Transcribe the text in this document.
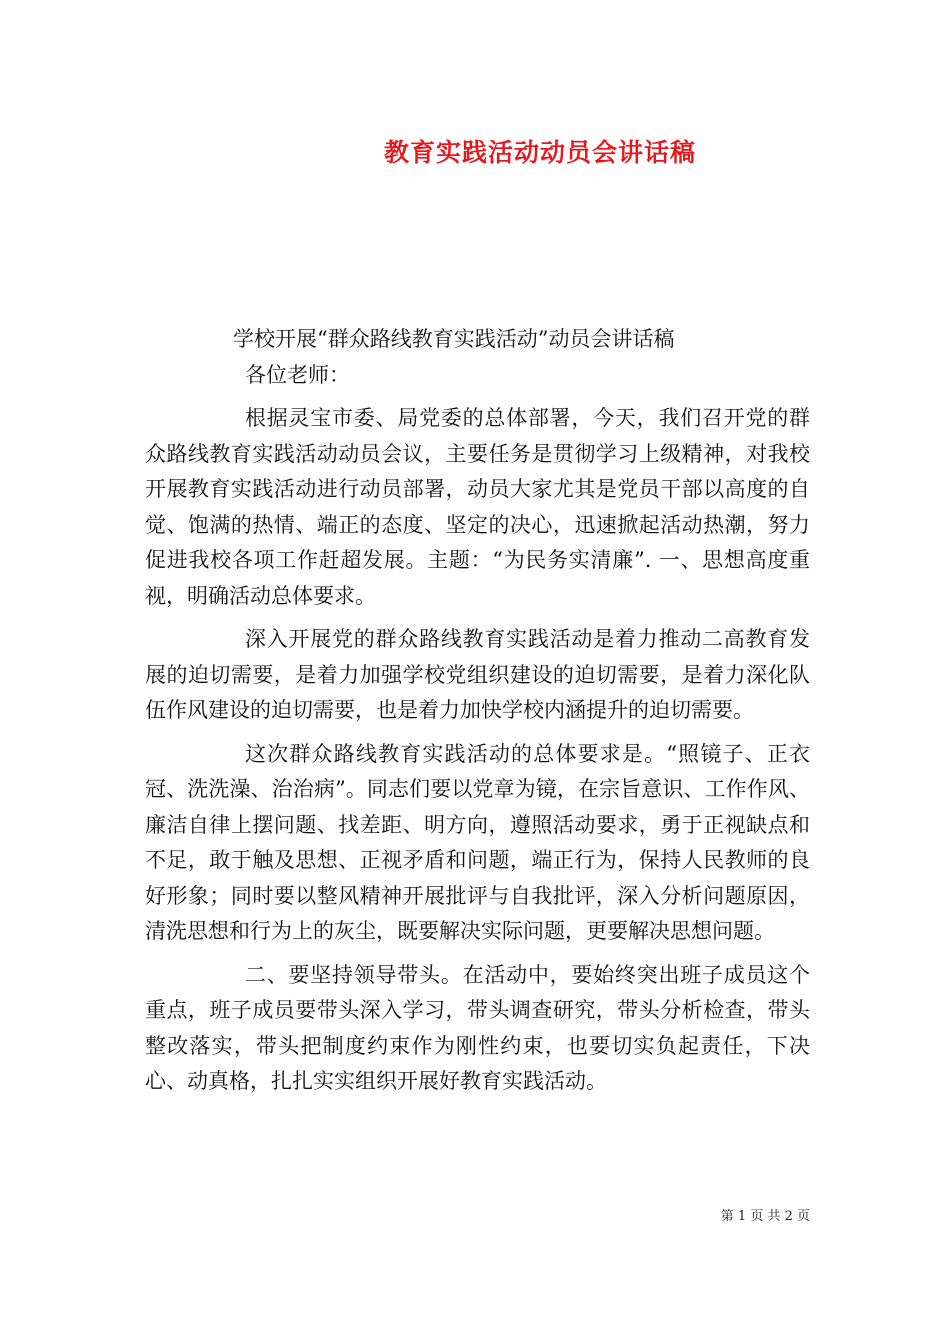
教育实践活动动员会讲话稿

学校开展“群众路线教育实践活动”动员会讲话稿

各位老师：

根据灵宝市委、局党委的总体部署，今天，我们召开党的群众路线教育实践活动动员会议，主要任务是贯彻学习上级精神，对我校开展教育实践活动进行动员部署，动员大家尤其是党员干部以高度的自觉、饱满的热情、端正的态度、坚定的决心，迅速掀起活动热潮，努力促进我校各项工作赶超发展。主题：“为民务实清廉”. 一、思想高度重视，明确活动总体要求。

深入开展党的群众路线教育实践活动是着力推动二高教育发展的迫切需要，是着力加强学校党组织建设的迫切需要，是着力深化队伍作风建设的迫切需要，也是着力加快学校内涵提升的迫切需要。

这次群众路线教育实践活动的总体要求是。“照镜子、正衣冠、洗洗澡、治治病”。同志们要以党章为镜，在宗旨意识、工作作风、廉洁自律上摆问题、找差距、明方向，遵照活动要求，勇于正视缺点和不足，敢于触及思想、正视矛盾和问题，端正行为，保持人民教师的良好形象；同时要以整风精神开展批评与自我批评，深入分析问题原因，清洗思想和行为上的灰尘，既要解决实际问题，更要解决思想问题。

二、要坚持领导带头。在活动中，要始终突出班子成员这个重点，班子成员要带头深入学习，带头调查研究，带头分析检查，带头整改落实，带头把制度约束作为刚性约束，也要切实负起责任，下决心、动真格，扎扎实实组织开展好教育实践活动。

第 1 页 共 2 页
